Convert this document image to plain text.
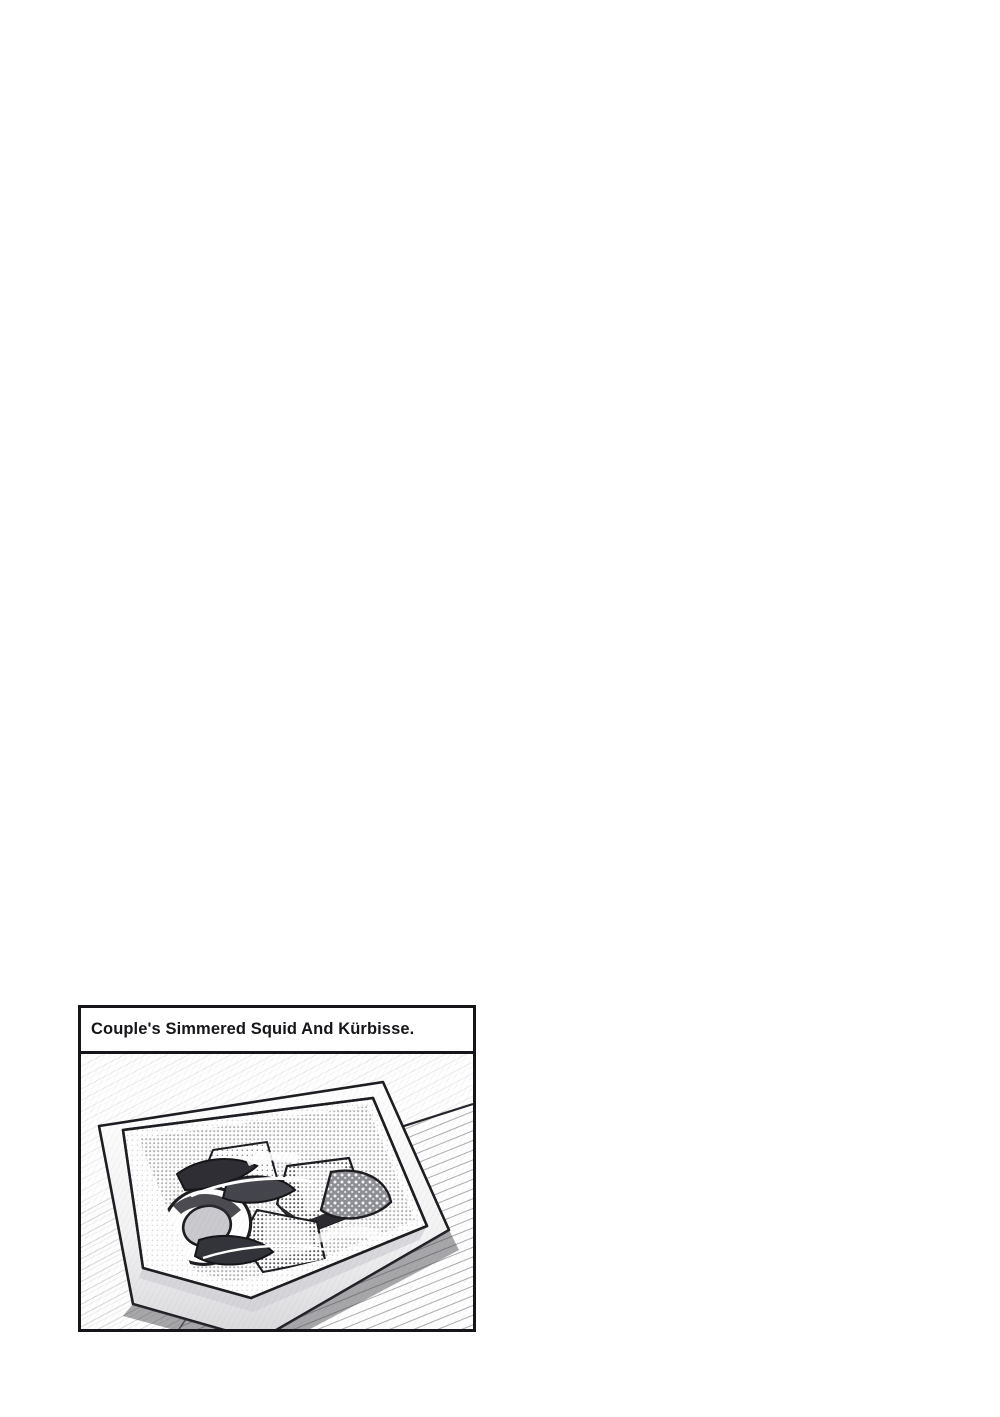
Couple's Simmered Squid And Kürbisse.
